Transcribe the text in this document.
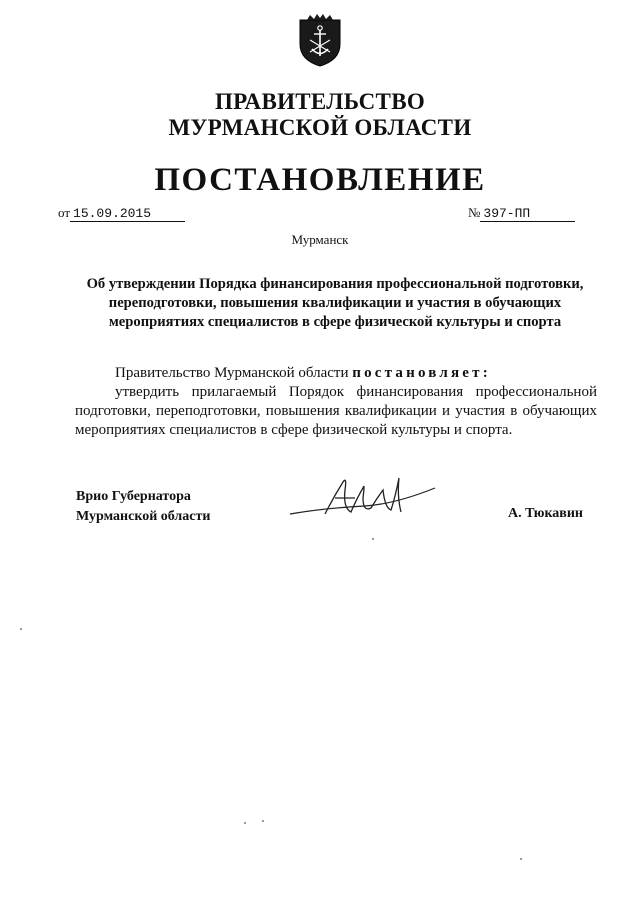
ПРАВИТЕЛЬСТВО
МУРМАНСКОЙ ОБЛАСТИ
ПОСТАНОВЛЕНИЕ
от 15.09.2015	№ 397-ПП
Мурманск
Об утверждении Порядка финансирования профессиональной подготовки,
переподготовки, повышения квалификации и участия в обучающих
мероприятиях специалистов в сфере физической культуры и спорта
Правительство Мурманской области постановляет:
утвердить прилагаемый Порядок финансирования профессиональной подготовки, переподготовки, повышения квалификации и участия в обучающих мероприятиях специалистов в сфере физической культуры и спорта.
Врио Губернатора
Мурманской области	А. Тюкавин
